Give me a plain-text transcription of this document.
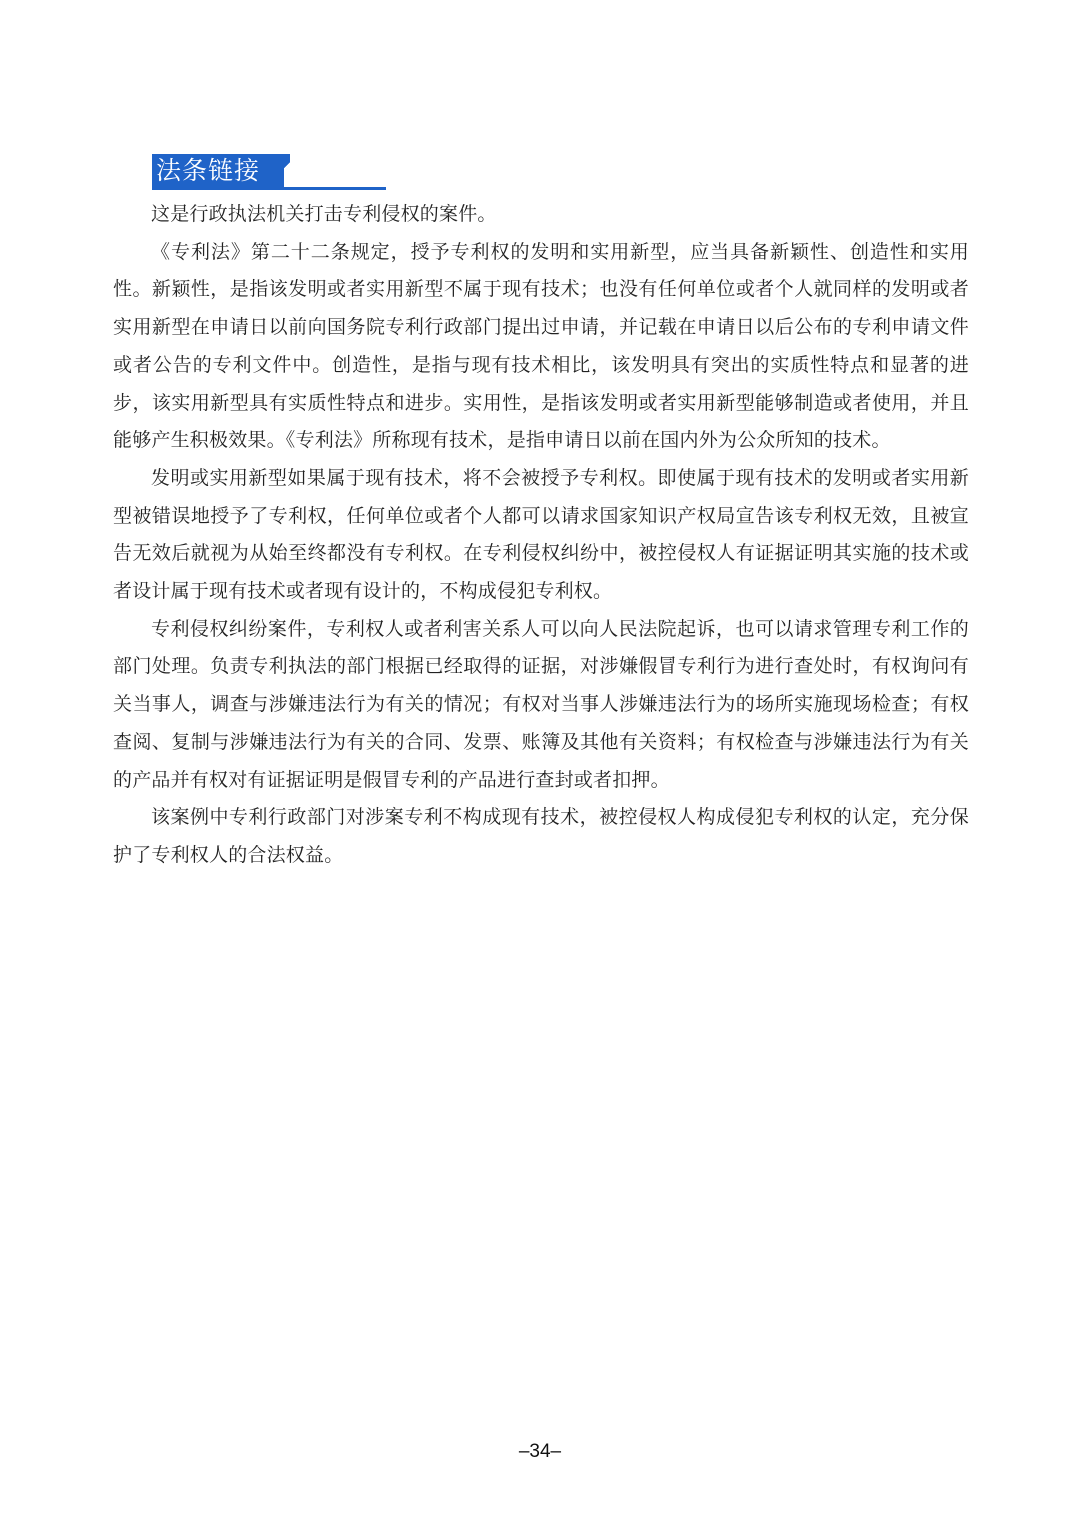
法条链接

这是行政执法机关打击专利侵权的案件。

《专利法》第二十二条规定，授予专利权的发明和实用新型，应当具备新颖性、创造性和实用性。新颖性，是指该发明或者实用新型不属于现有技术；也没有任何单位或者个人就同样的发明或者实用新型在申请日以前向国务院专利行政部门提出过申请，并记载在申请日以后公布的专利申请文件或者公告的专利文件中。创造性，是指与现有技术相比，该发明具有突出的实质性特点和显著的进步，该实用新型具有实质性特点和进步。实用性，是指该发明或者实用新型能够制造或者使用，并且能够产生积极效果。《专利法》所称现有技术，是指申请日以前在国内外为公众所知的技术。

发明或实用新型如果属于现有技术，将不会被授予专利权。即使属于现有技术的发明或者实用新型被错误地授予了专利权，任何单位或者个人都可以请求国家知识产权局宣告该专利权无效，且被宣告无效后就视为从始至终都没有专利权。在专利侵权纠纷中，被控侵权人有证据证明其实施的技术或者设计属于现有技术或者现有设计的，不构成侵犯专利权。

专利侵权纠纷案件，专利权人或者利害关系人可以向人民法院起诉，也可以请求管理专利工作的部门处理。负责专利执法的部门根据已经取得的证据，对涉嫌假冒专利行为进行查处时，有权询问有关当事人，调查与涉嫌违法行为有关的情况；有权对当事人涉嫌违法行为的场所实施现场检查；有权查阅、复制与涉嫌违法行为有关的合同、发票、账簿及其他有关资料；有权检查与涉嫌违法行为有关的产品并有权对有证据证明是假冒专利的产品进行查封或者扣押。

该案例中专利行政部门对涉案专利不构成现有技术，被控侵权人构成侵犯专利权的认定，充分保护了专利权人的合法权益。

–34–
